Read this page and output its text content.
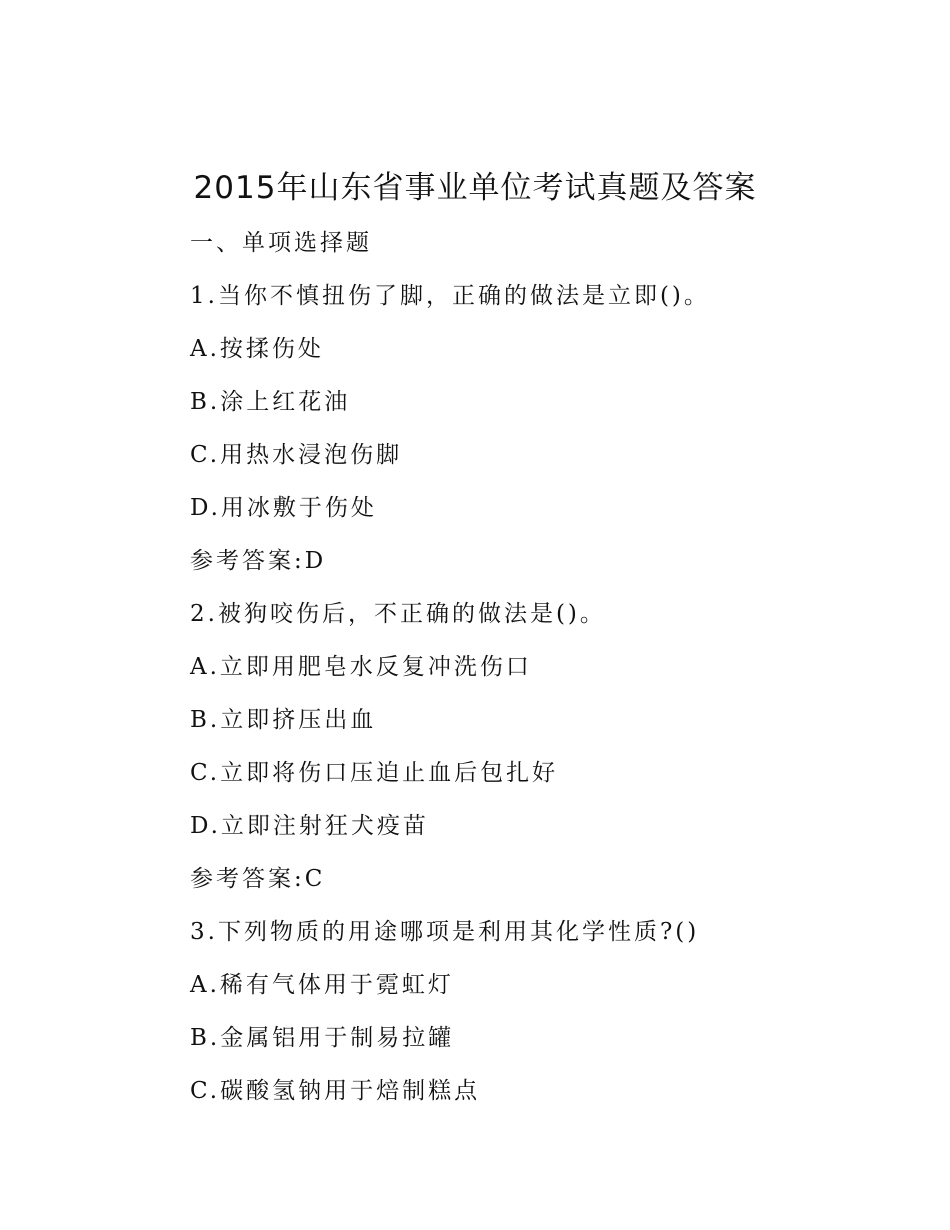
2015年山东省事业单位考试真题及答案
一、单项选择题
1.当你不慎扭伤了脚，正确的做法是立即()。
A.按揉伤处
B.涂上红花油
C.用热水浸泡伤脚
D.用冰敷于伤处
参考答案:D
2.被狗咬伤后，不正确的做法是()。
A.立即用肥皂水反复冲洗伤口
B.立即挤压出血
C.立即将伤口压迫止血后包扎好
D.立即注射狂犬疫苗
参考答案:C
3.下列物质的用途哪项是利用其化学性质?()
A.稀有气体用于霓虹灯
B.金属铝用于制易拉罐
C.碳酸氢钠用于焙制糕点
